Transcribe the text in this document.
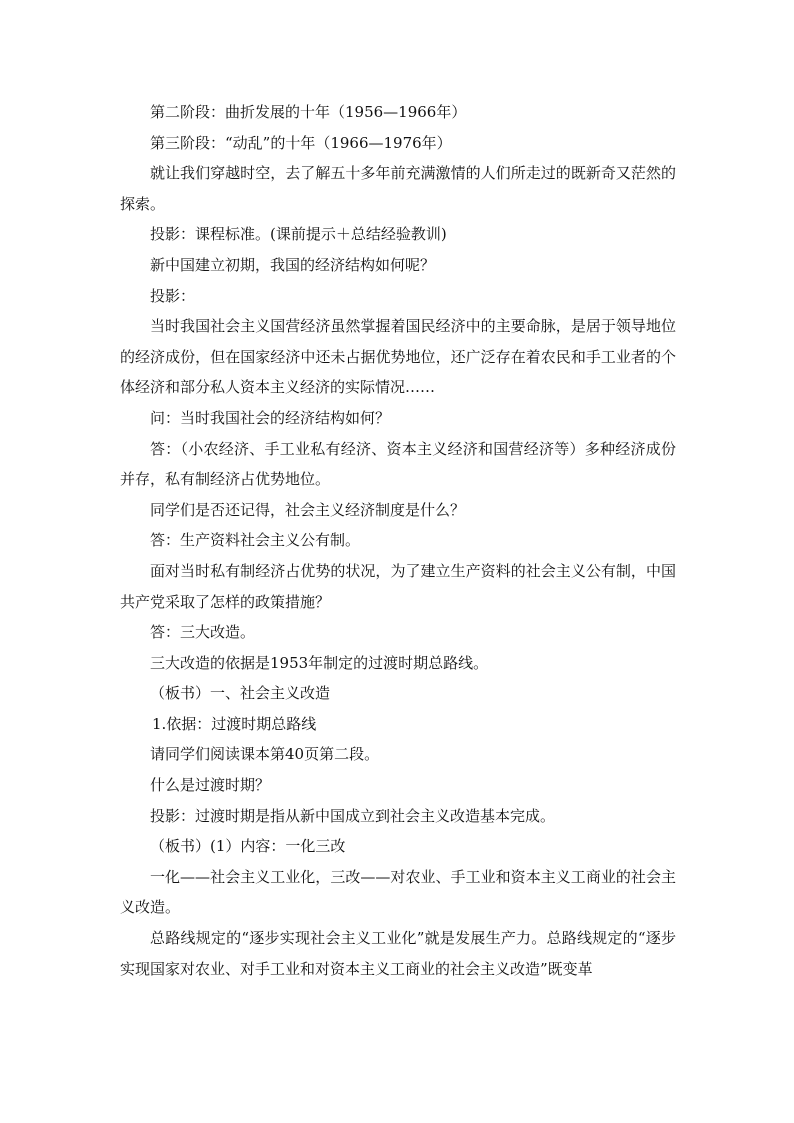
第二阶段：曲折发展的十年（1956—1966年）

第三阶段：“动乱”的十年（1966—1976年）

就让我们穿越时空，去了解五十多年前充满激情的人们所走过的既新奇又茫然的探索。

投影：课程标准。(课前提示＋总结经验教训)

新中国建立初期，我国的经济结构如何呢？

投影：

当时我国社会主义国营经济虽然掌握着国民经济中的主要命脉，是居于领导地位的经济成份，但在国家经济中还未占据优势地位，还广泛存在着农民和手工业者的个体经济和部分私人资本主义经济的实际情况……

问：当时我国社会的经济结构如何？

答：（小农经济、手工业私有经济、资本主义经济和国营经济等）多种经济成份并存，私有制经济占优势地位。

同学们是否还记得，社会主义经济制度是什么？

答：生产资料社会主义公有制。

面对当时私有制经济占优势的状况，为了建立生产资料的社会主义公有制，中国共产党采取了怎样的政策措施？

答：三大改造。

三大改造的依据是1953年制定的过渡时期总路线。

（板书）一、社会主义改造

1.依据：过渡时期总路线

请同学们阅读课本第40页第二段。

什么是过渡时期？

投影：过渡时期是指从新中国成立到社会主义改造基本完成。

（板书）(1）内容：一化三改

一化——社会主义工业化，三改——对农业、手工业和资本主义工商业的社会主义改造。

总路线规定的“逐步实现社会主义工业化”就是发展生产力。总路线规定的“逐步实现国家对农业、对手工业和对资本主义工商业的社会主义改造”既变革
